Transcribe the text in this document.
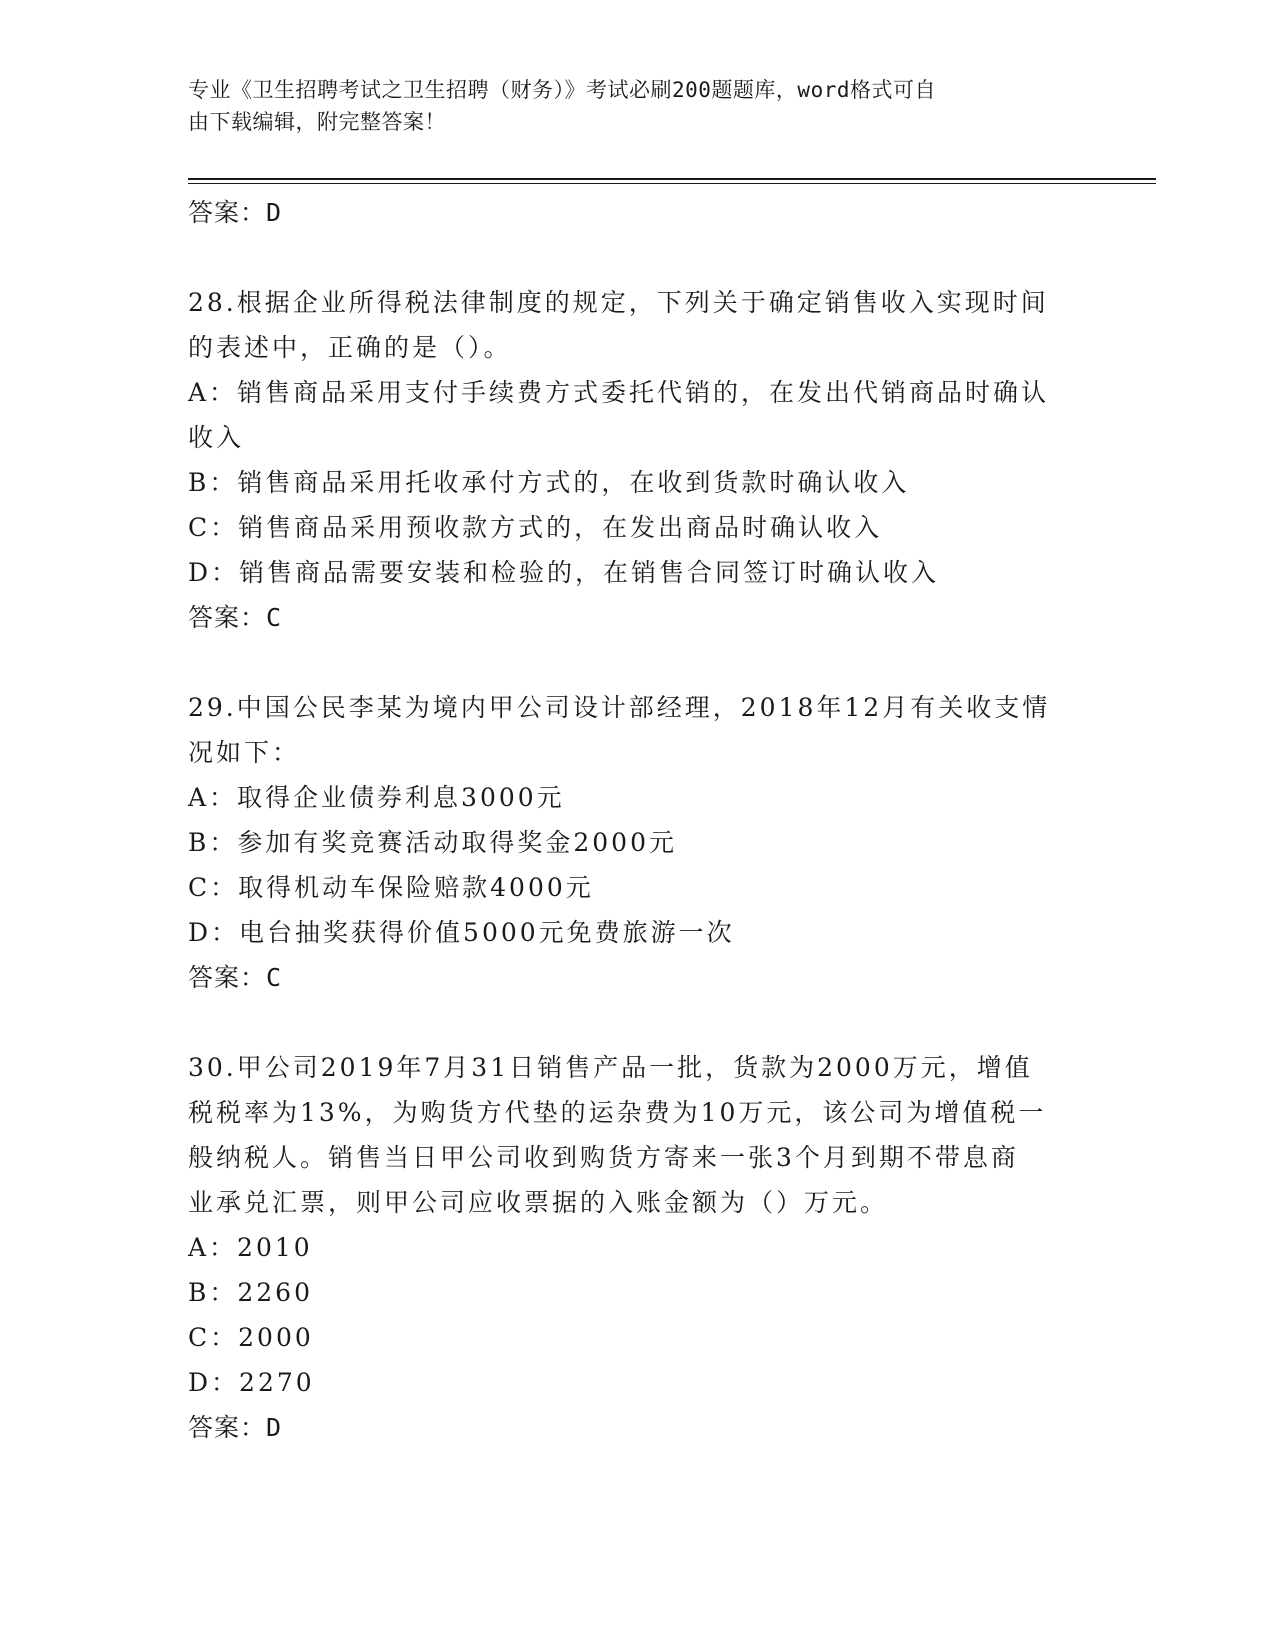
专业《卫生招聘考试之卫生招聘（财务）》考试必刷200题题库，word格式可自
由下载编辑，附完整答案！
答案：D
28.根据企业所得税法律制度的规定，下列关于确定销售收入实现时间
的表述中，正确的是（）。
A：销售商品采用支付手续费方式委托代销的，在发出代销商品时确认
收入
B：销售商品采用托收承付方式的，在收到货款时确认收入
C：销售商品采用预收款方式的，在发出商品时确认收入
D：销售商品需要安装和检验的，在销售合同签订时确认收入
答案：C
29.中国公民李某为境内甲公司设计部经理，2018年12月有关收支情
况如下：
A：取得企业债券利息3000元
B：参加有奖竞赛活动取得奖金2000元
C：取得机动车保险赔款4000元
D：电台抽奖获得价值5000元免费旅游一次
答案：C
30.甲公司2019年7月31日销售产品一批，货款为2000万元，增值
税税率为13%，为购货方代垫的运杂费为10万元，该公司为增值税一
般纳税人。销售当日甲公司收到购货方寄来一张3个月到期不带息商
业承兑汇票，则甲公司应收票据的入账金额为（）万元。
A：2010
B：2260
C：2000
D：2270
答案：D
